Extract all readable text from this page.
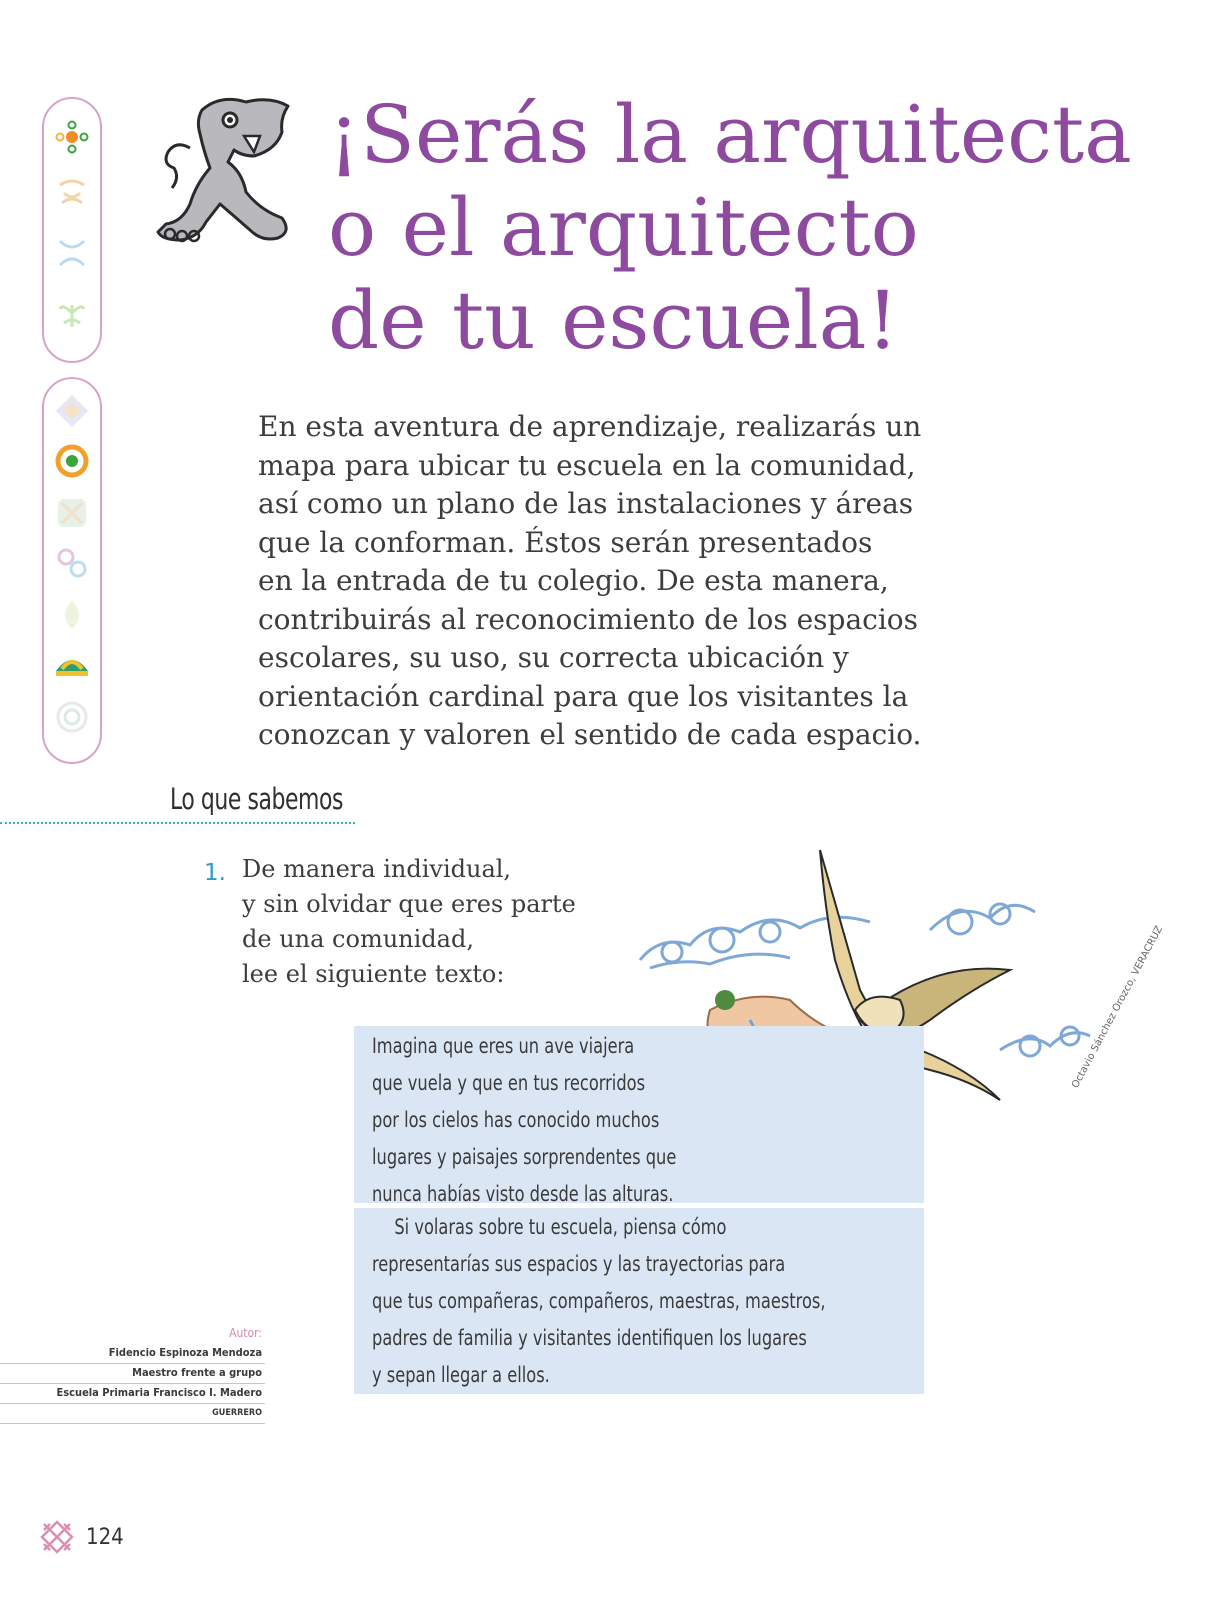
¡Serás la arquitecta
o el arquitecto
de tu escuela!
En esta aventura de aprendizaje, realizarás un
mapa para ubicar tu escuela en la comunidad,
así como un plano de las instalaciones y áreas
que la conforman. Éstos serán presentados
en la entrada de tu colegio. De esta manera,
contribuirás al reconocimiento de los espacios
escolares, su uso, su correcta ubicación y
orientación cardinal para que los visitantes la
conozcan y valoren el sentido de cada espacio.
Lo que sabemos
1. De manera individual,
y sin olvidar que eres parte
de una comunidad,
lee el siguiente texto:	Octavio Sánchez Orozco, VERACRUZ
Imagina que eres un ave viajera
que vuela y que en tus recorridos
por los cielos has conocido muchos
lugares y paisajes sorprendentes que
nunca habías visto desde las alturas.
Si volaras sobre tu escuela, piensa cómo
representarías sus espacios y las trayectorias para
que tus compañeras, compañeros, maestras, maestros,
padres de familia y visitantes identifiquen los lugares
y sepan llegar a ellos.
Autor:
Fidencio Espinoza Mendoza
Maestro frente a grupo
Escuela Primaria Francisco I. Madero
GUERRERO
124
